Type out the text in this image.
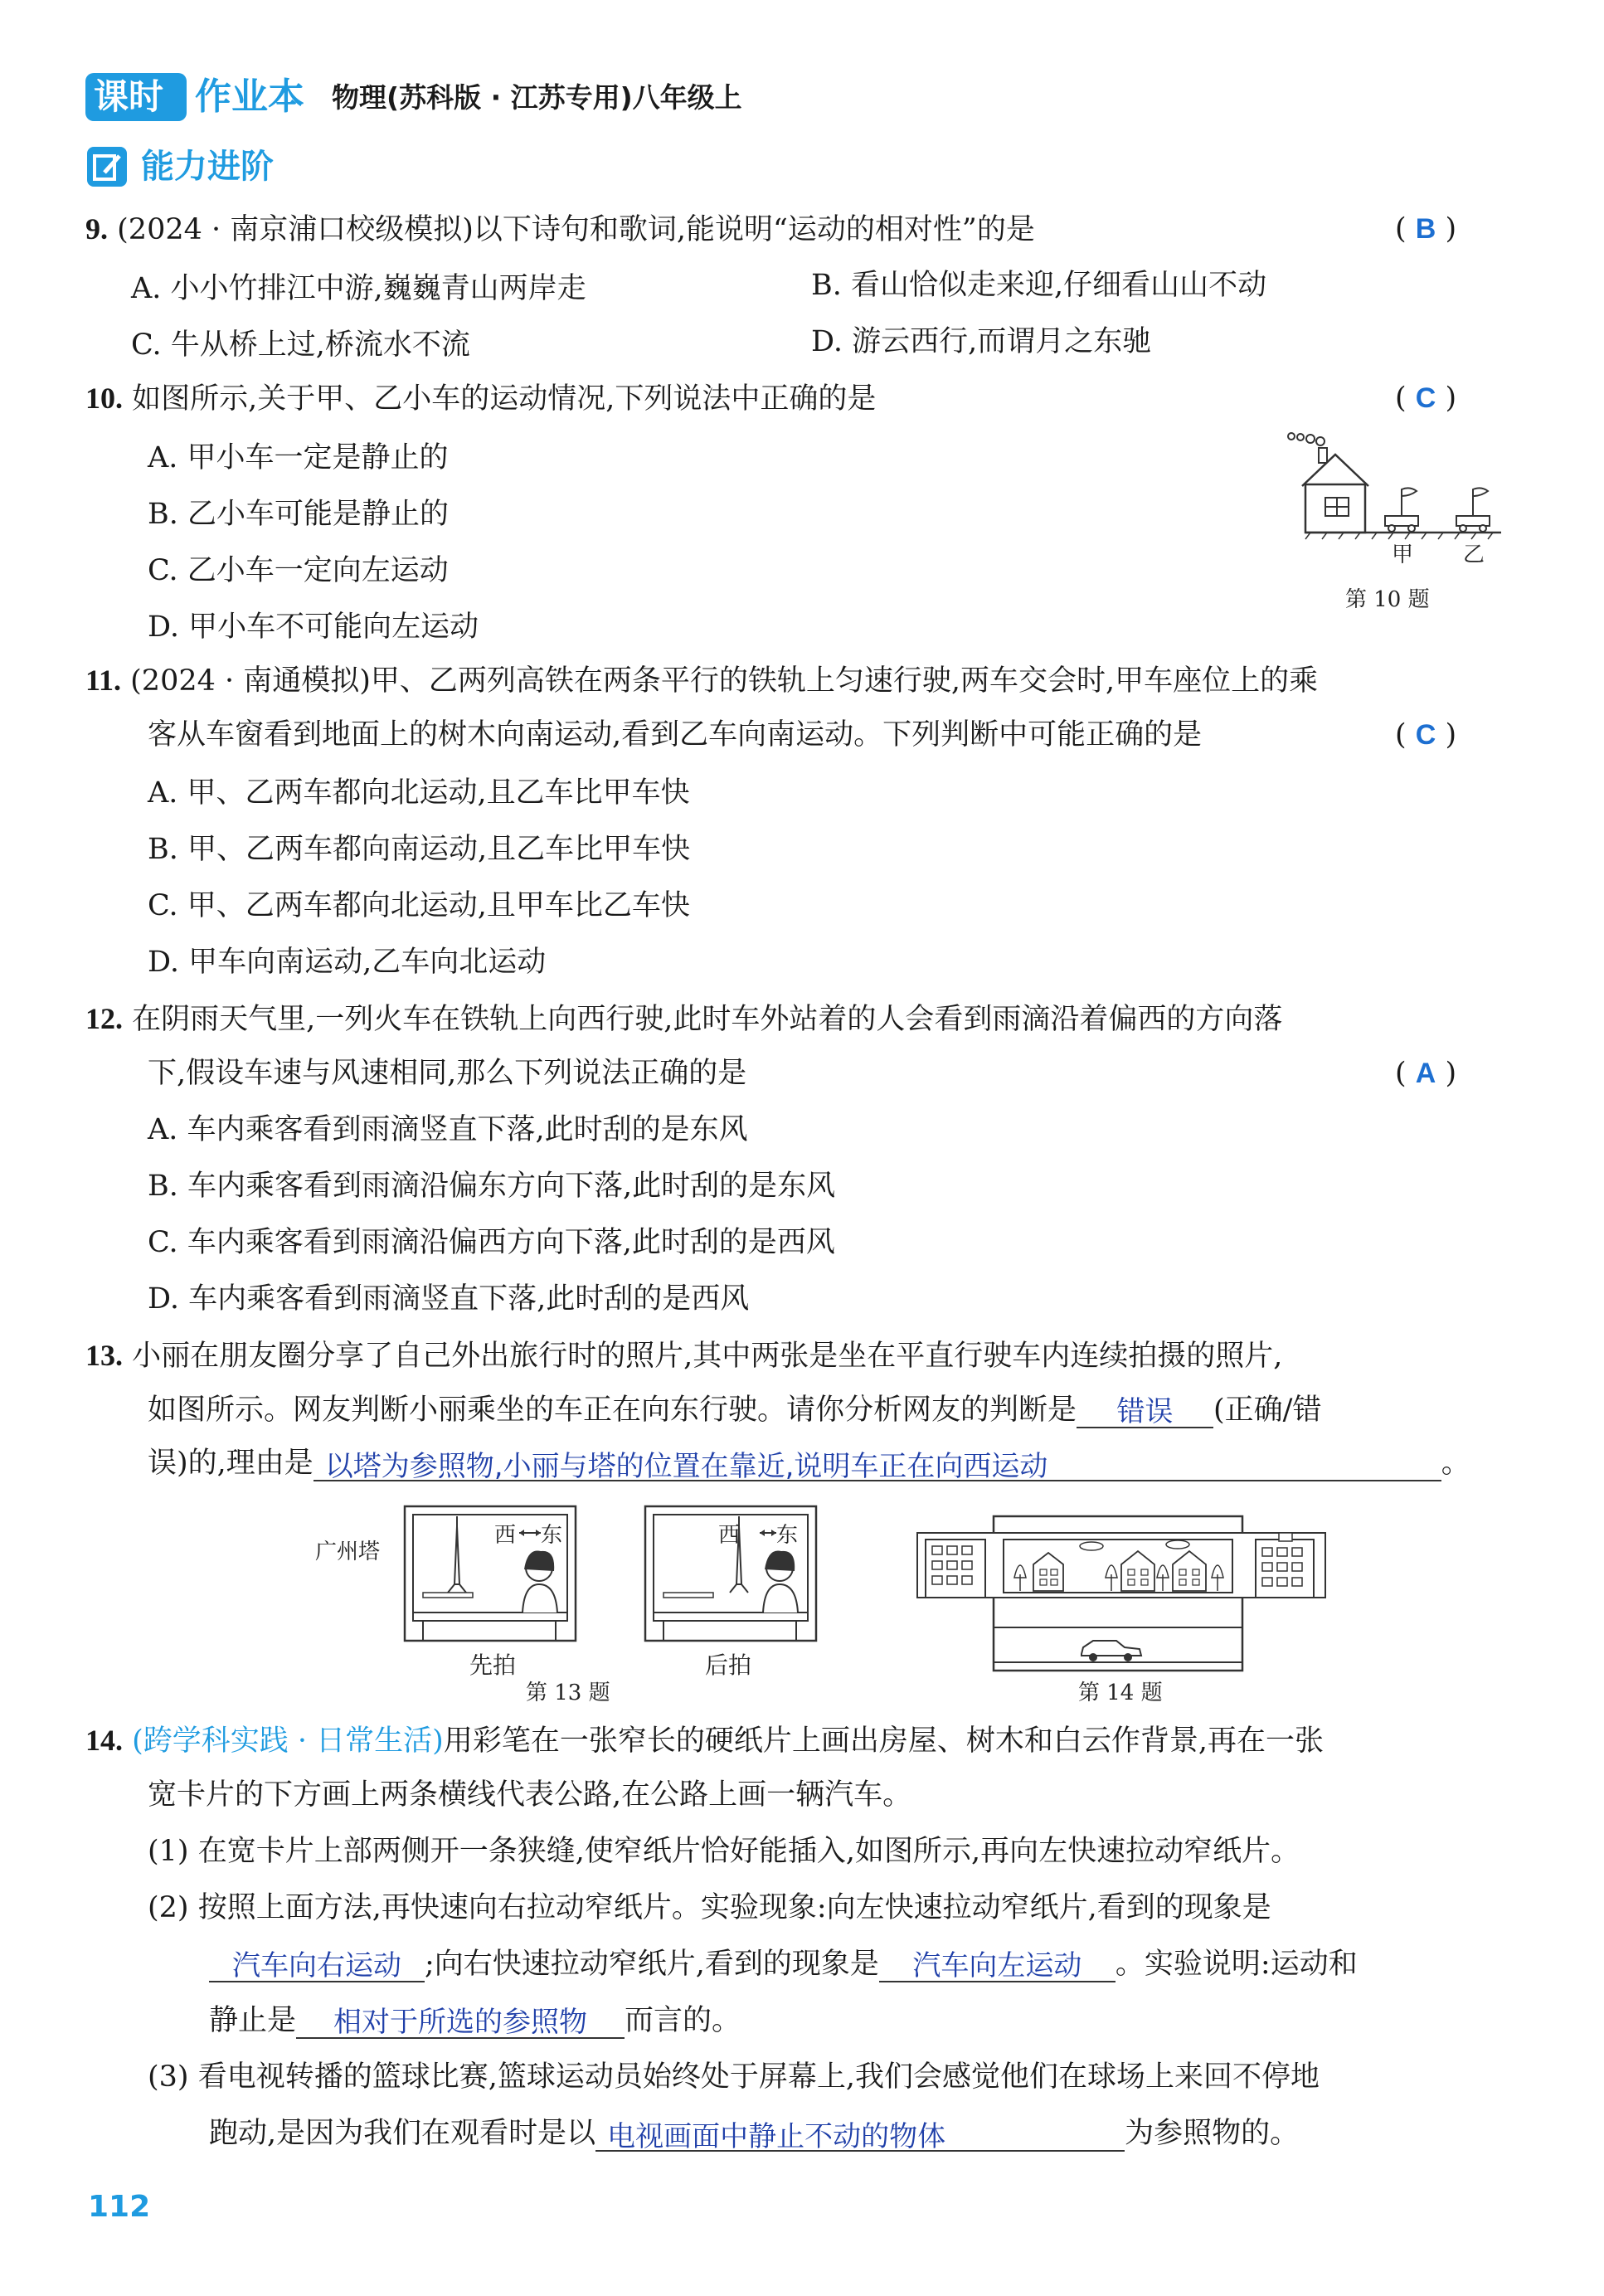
课时 作业本 物理(苏科版 · 江苏专用)八年级上
能力进阶
9. (2024 · 南京浦口校级模拟)以下诗句和歌词,能说明“运动的相对性”的是	( B )
A. 小小竹排江中游,巍巍青山两岸走	B. 看山恰似走来迎,仔细看山山不动
C. 牛从桥上过,桥流水不流	D. 游云西行,而谓月之东驰
10. 如图所示,关于甲、乙小车的运动情况,下列说法中正确的是	( C )
A. 甲小车一定是静止的
B. 乙小车可能是静止的
C. 乙小车一定向左运动
D. 甲小车不可能向左运动
甲 乙
第 10 题
11. (2024 · 南通模拟)甲、乙两列高铁在两条平行的铁轨上匀速行驶,两车交会时,甲车座位上的乘
客从车窗看到地面上的树木向南运动,看到乙车向南运动。下列判断中可能正确的是	( C )
A. 甲、乙两车都向北运动,且乙车比甲车快
B. 甲、乙两车都向南运动,且乙车比甲车快
C. 甲、乙两车都向北运动,且甲车比乙车快
D. 甲车向南运动,乙车向北运动
12. 在阴雨天气里,一列火车在铁轨上向西行驶,此时车外站着的人会看到雨滴沿着偏西的方向落
下,假设车速与风速相同,那么下列说法正确的是	( A )
A. 车内乘客看到雨滴竖直下落,此时刮的是东风
B. 车内乘客看到雨滴沿偏东方向下落,此时刮的是东风
C. 车内乘客看到雨滴沿偏西方向下落,此时刮的是西风
D. 车内乘客看到雨滴竖直下落,此时刮的是西风
13. 小丽在朋友圈分享了自己外出旅行时的照片,其中两张是坐在平直行驶车内连续拍摄的照片,
如图所示。网友判断小丽乘坐的车正在向东行驶。请你分析网友的判断是 错误 (正确/错
误)的,理由是 以塔为参照物,小丽与塔的位置在靠近,说明车正在向西运动	。
广州塔
西 东	西 东
先拍	后拍
第 13 题	第 14 题
14. (跨学科实践 · 日常生活)用彩笔在一张窄长的硬纸片上画出房屋、树木和白云作背景,再在一张
宽卡片的下方画上两条横线代表公路,在公路上画一辆汽车。
(1) 在宽卡片上部两侧开一条狭缝,使窄纸片恰好能插入,如图所示,再向左快速拉动窄纸片。
(2) 按照上面方法,再快速向右拉动窄纸片。实验现象:向左快速拉动窄纸片,看到的现象是
汽车向右运动 ;向右快速拉动窄纸片,看到的现象是 汽车向左运动 。实验说明:运动和
静止是 相对于所选的参照物 而言的。
(3) 看电视转播的篮球比赛,篮球运动员始终处于屏幕上,我们会感觉他们在球场上来回不停地
跑动,是因为我们在观看时是以 电视画面中静止不动的物体	为参照物的。
112
